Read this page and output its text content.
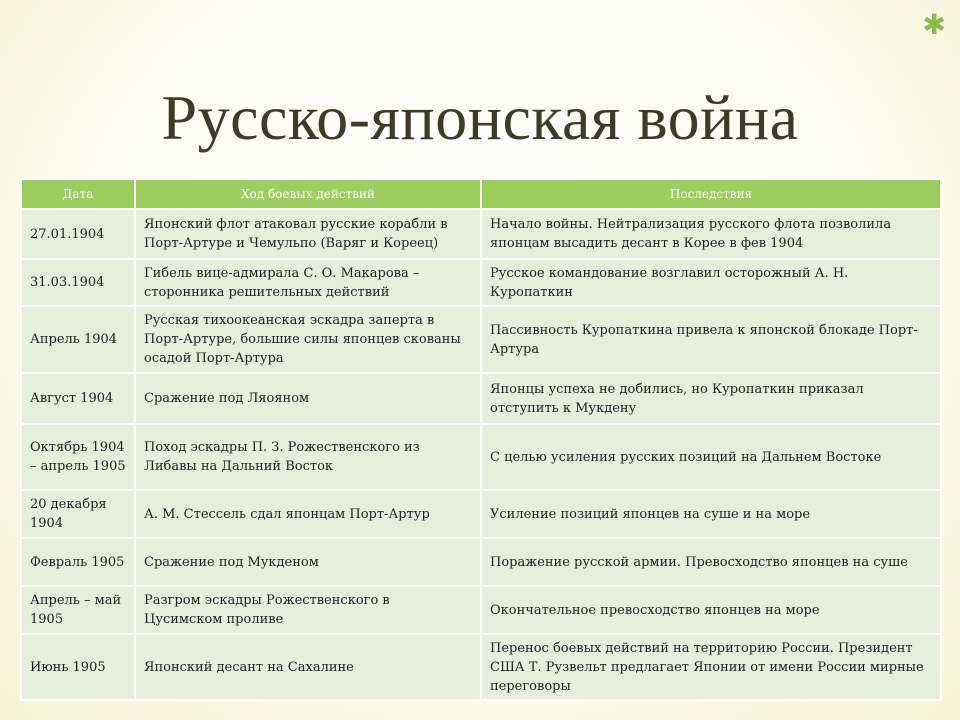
✱
Русско-японская война
Дата	Ход боевых действий	Последствия
27.01.1904	Японский флот атаковал русские корабли в Порт-Артуре и Чемульпо (Варяг и Кореец)	Начало войны. Нейтрализация русского флота позволила японцам высадить десант в Корее в фев 1904
31.03.1904	Гибель вице-адмирала С. О. Макарова – сторонника решительных действий	Русское командование возглавил осторожный А. Н. Куропаткин
Апрель 1904	Русская тихоокеанская эскадра заперта в Порт-Артуре, большие силы японцев скованы осадой Порт-Артура	Пассивность Куропаткина привела к японской блокаде Порт-Артура
Август 1904	Сражение под Ляояном	Японцы успеха не добились, но Куропаткин приказал отступить к Мукдену
Октябрь 1904 – апрель 1905	Поход эскадры П. З. Рожественского из Либавы на Дальний Восток	С целью усиления русских позиций на Дальнем Востоке
20 декабря 1904	А. М. Стессель сдал японцам Порт-Артур	Усиление позиций японцев на суше и на море
Февраль 1905	Сражение под Мукденом	Поражение русской армии. Превосходство японцев на суше
Апрель – май 1905	Разгром эскадры Рожественского в Цусимском проливе	Окончательное превосходство японцев на море
Июнь 1905	Японский десант на Сахалине	Перенос боевых действий на территорию России. Президент США Т. Рузвельт предлагает Японии от имени России мирные переговоры
